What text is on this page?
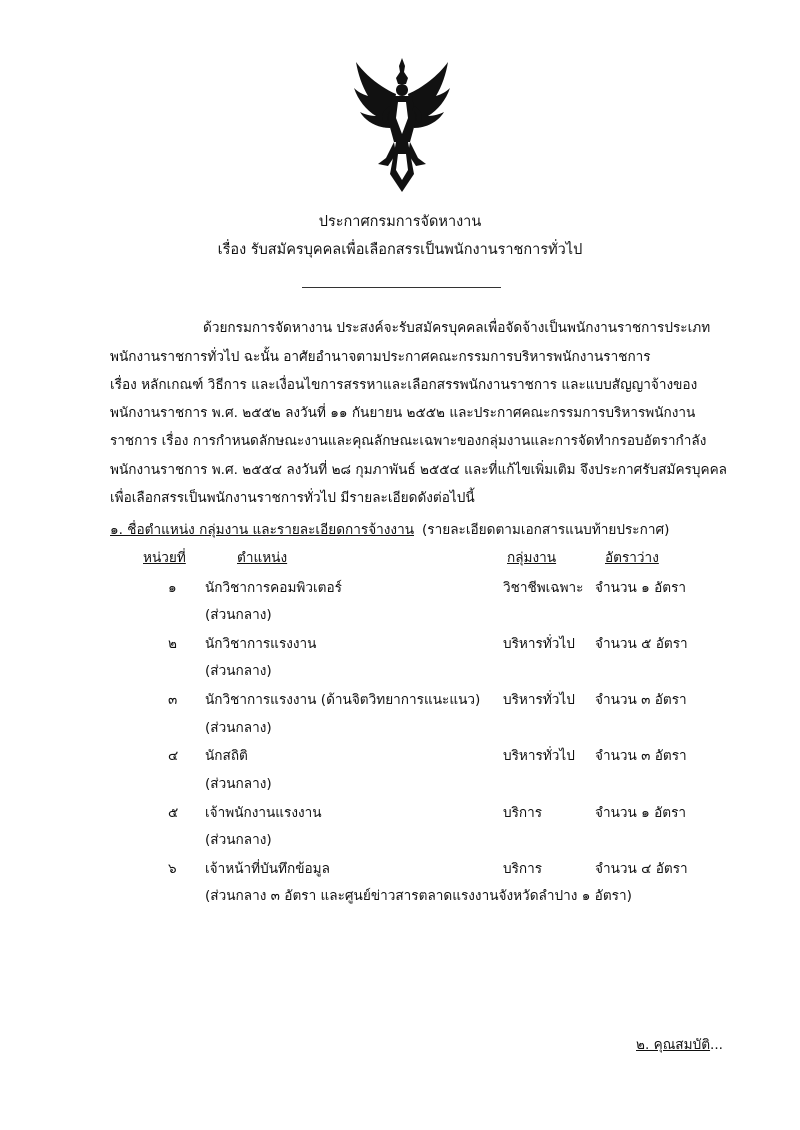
ประกาศกรมการจัดหางาน
เรื่อง รับสมัครบุคคลเพื่อเลือกสรรเป็นพนักงานราชการทั่วไป
ด้วยกรมการจัดหางาน ประสงค์จะรับสมัครบุคคลเพื่อจัดจ้างเป็นพนักงานราชการประเภท
พนักงานราชการทั่วไป ฉะนั้น อาศัยอำนาจตามประกาศคณะกรรมการบริหารพนักงานราชการ
เรื่อง หลักเกณฑ์ วิธีการ และเงื่อนไขการสรรหาและเลือกสรรพนักงานราชการ และแบบสัญญาจ้างของ
พนักงานราชการ พ.ศ. ๒๕๕๒ ลงวันที่ ๑๑ กันยายน ๒๕๕๒ และประกาศคณะกรรมการบริหารพนักงาน
ราชการ เรื่อง การกำหนดลักษณะงานและคุณลักษณะเฉพาะของกลุ่มงานและการจัดทำกรอบอัตรากำลัง
พนักงานราชการ พ.ศ. ๒๕๕๔ ลงวันที่ ๒๘ กุมภาพันธ์ ๒๕๕๔ และที่แก้ไขเพิ่มเติม จึงประกาศรับสมัครบุคคล
เพื่อเลือกสรรเป็นพนักงานราชการทั่วไป มีรายละเอียดดังต่อไปนี้
๑. ชื่อตำแหน่ง กลุ่มงาน และรายละเอียดการจ้างงาน (รายละเอียดตามเอกสารแนบท้ายประกาศ)
หน่วยที่	ตำแหน่ง	กลุ่มงาน	อัตราว่าง
๑ นักวิชาการคอมพิวเตอร์	วิชาชีพเฉพาะ จำนวน ๑ อัตรา
(ส่วนกลาง)
๒ นักวิชาการแรงงาน	บริหารทั่วไป จำนวน ๕ อัตรา
(ส่วนกลาง)
๓ นักวิชาการแรงงาน (ด้านจิตวิทยาการแนะแนว) บริหารทั่วไป จำนวน ๓ อัตรา
(ส่วนกลาง)
๔ นักสถิติ	บริหารทั่วไป จำนวน ๓ อัตรา
(ส่วนกลาง)
๕ เจ้าพนักงานแรงงาน	บริการ	จำนวน ๑ อัตรา
(ส่วนกลาง)
๖ เจ้าหน้าที่บันทึกข้อมูล	บริการ	จำนวน ๔ อัตรา
(ส่วนกลาง ๓ อัตรา และศูนย์ข่าวสารตลาดแรงงานจังหวัดลำปาง ๑ อัตรา)
๒. คุณสมบัติ...
